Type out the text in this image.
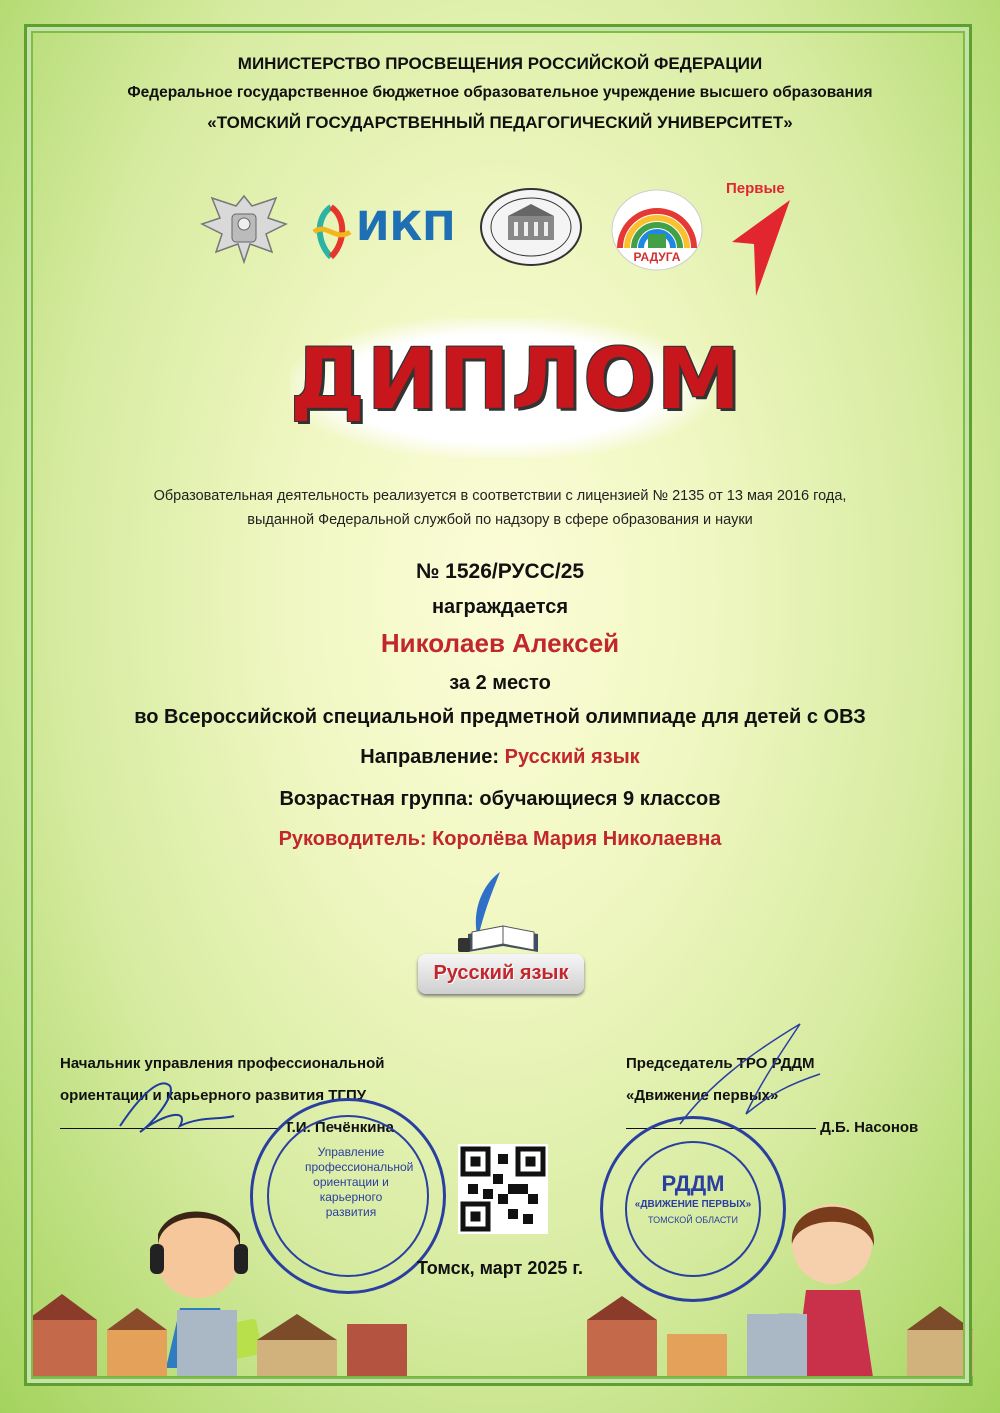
МИНИСТЕРСТВО ПРОСВЕЩЕНИЯ РОССИЙСКОЙ ФЕДЕРАЦИИ
Федеральное государственное бюджетное образовательное учреждение высшего образования
«ТОМСКИЙ ГОСУДАРСТВЕННЫЙ ПЕДАГОГИЧЕСКИЙ УНИВЕРСИТЕТ»
ИКП
РАДУГА
Первые
ДИПЛОМ
Образовательная деятельность реализуется в соответствии с лицензией № 2135 от 13 мая 2016 года,
выданной Федеральной службой по надзору в сфере образования и науки
№ 1526/РУСС/25
награждается
Николаев Алексей
за 2 место
во Всероссийской специальной предметной олимпиаде для детей с ОВЗ
Направление: Русский язык
Возрастная группа: обучающиеся 9 классов
Руководитель: Королёва Мария Николаевна
Русский язык
Начальник управления профессиональной
ориентации и карьерного развития ТГПУ
Т.И. Печёнкина
Председатель ТРО РДДМ
«Движение первых»
Д.Б. Насонов
Управление профессиональной ориентации и карьерного развития
РДДМ
«ДВИЖЕНИЕ ПЕРВЫХ»
ТОМСКОЙ ОБЛАСТИ
Томск, март 2025 г.
